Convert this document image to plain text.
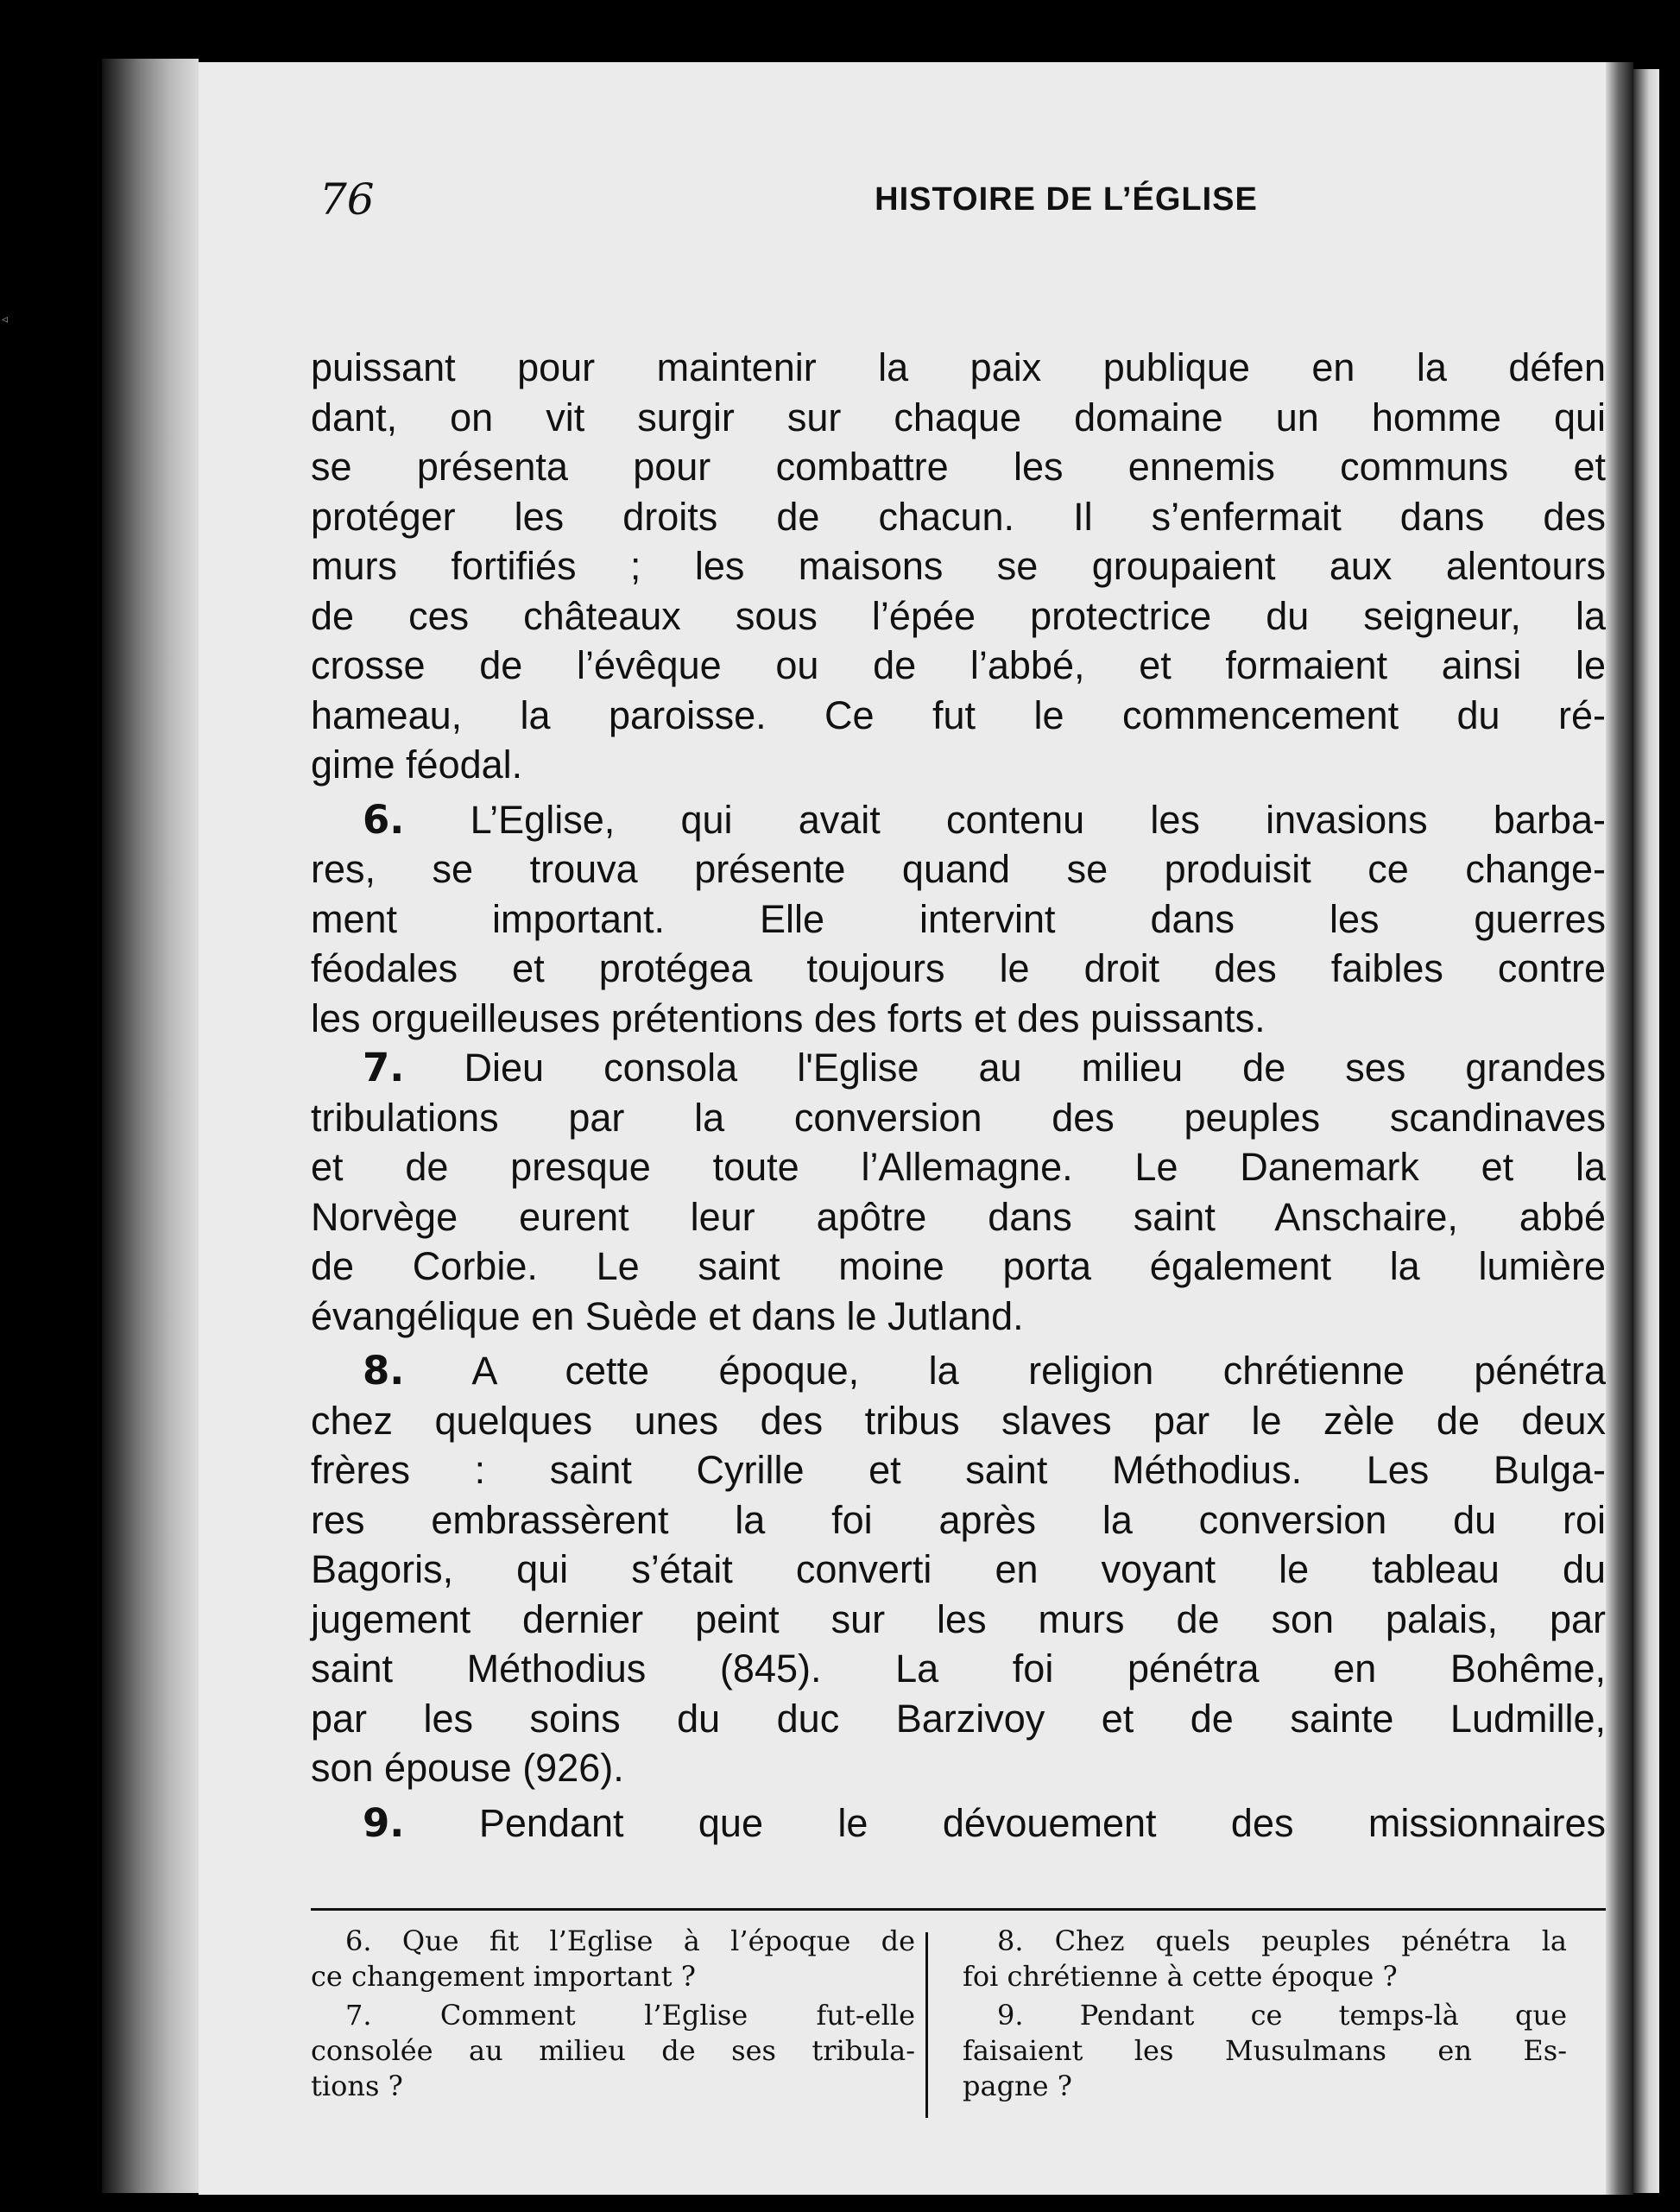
◃
76	HISTOIRE DE L’ÉGLISE
puissant pour maintenir la paix publique en la défen
dant, on vit surgir sur chaque domaine un homme qui
se présenta pour combattre les ennemis communs et
protéger les droits de chacun. Il s’enfermait dans des
murs fortifiés ; les maisons se groupaient aux alentours
de ces châteaux sous l’épée protectrice du seigneur, la
crosse de l’évêque ou de l’abbé, et formaient ainsi le
hameau, la paroisse. Ce fut le commencement du ré-
gime féodal.
6. L’Eglise, qui avait contenu les invasions barba-
res, se trouva présente quand se produisit ce change-
ment important. Elle intervint dans les guerres
féodales et protégea toujours le droit des faibles contre
les orgueilleuses prétentions des forts et des puissants.
7. Dieu consola l'Eglise au milieu de ses grandes
tribulations par la conversion des peuples scandinaves
et de presque toute l’Allemagne. Le Danemark et la
Norvège eurent leur apôtre dans saint Anschaire, abbé
de Corbie. Le saint moine porta également la lumière
évangélique en Suède et dans le Jutland.
8. A cette époque, la religion chrétienne pénétra
chez quelques unes des tribus slaves par le zèle de deux
frères : saint Cyrille et saint Méthodius. Les Bulga-
res embrassèrent la foi après la conversion du roi
Bagoris, qui s’était converti en voyant le tableau du
jugement dernier peint sur les murs de son palais, par
saint Méthodius (845). La foi pénétra en Bohême,
par les soins du duc Barzivoy et de sainte Ludmille,
son épouse (926).
9. Pendant que le dévouement des missionnaires
6. Que fit l’Eglise à l’époque de
ce changement important ?
7. Comment l’Eglise fut-elle
consolée au milieu de ses tribula-
tions ?
8. Chez quels peuples pénétra la
foi chrétienne à cette époque ?
9. Pendant ce temps-là que
faisaient les Musulmans en Es-
pagne ?
